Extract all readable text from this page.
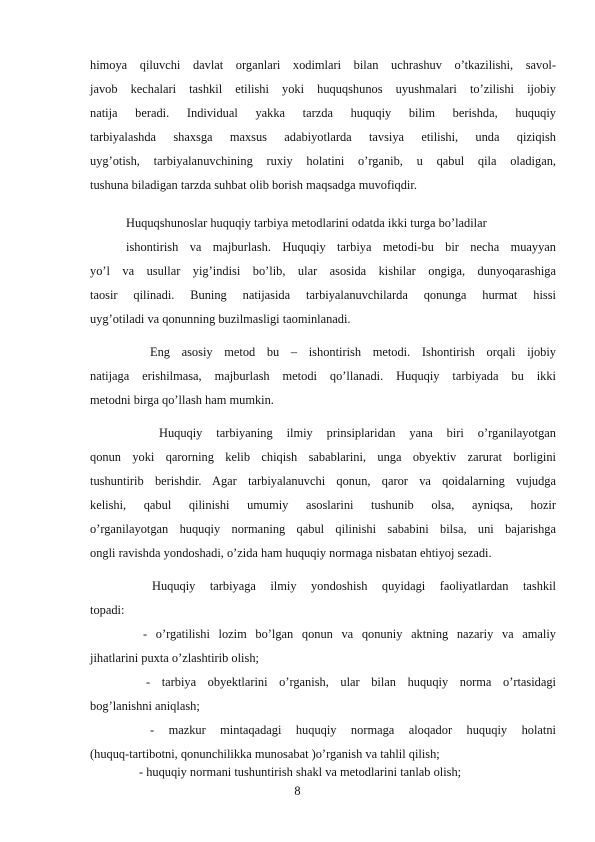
himoya qiluvchi davlat organlari xodimlari bilan uchrashuv o’tkazilishi, savol-
javob kechalari tashkil etilishi yoki huquqshunos uyushmalari to’zilishi ijobiy
natija beradi. Individual yakka tarzda huquqiy bilim berishda, huquqiy
tarbiyalashda shaxsga maxsus adabiyotlarda tavsiya etilishi, unda qiziqish
uyg’otish, tarbiyalanuvchining ruxiy holatini o’rganib, u qabul qila oladigan,
tushuna biladigan tarzda suhbat olib borish maqsadga muvofiqdir.
Huquqshunoslar huquqiy tarbiya metodlarini odatda ikki turga bo’ladilar
ishontirish va majburlash. Huquqiy tarbiya metodi-bu bir necha muayyan
yo’l va usullar yig’indisi bo’lib, ular asosida kishilar ongiga, dunyoqarashiga
taosir qilinadi. Buning natijasida tarbiyalanuvchilarda qonunga hurmat hissi
uyg’otiladi va qonunning buzilmasligi taominlanadi.
Eng asosiy metod bu – ishontirish metodi. Ishontirish orqali ijobiy
natijaga erishilmasa, majburlash metodi qo’llanadi. Huquqiy tarbiyada bu ikki
metodni birga qo’llash ham mumkin.
Huquqiy tarbiyaning ilmiy prinsiplaridan yana biri o’rganilayotgan
qonun yoki qarorning kelib chiqish sabablarini, unga obyektiv zarurat borligini
tushuntirib berishdir. Agar tarbiyalanuvchi qonun, qaror va qoidalarning vujudga
kelishi, qabul qilinishi umumiy asoslarini tushunib olsa, ayniqsa, hozir
o’rganilayotgan huquqiy normaning qabul qilinishi sababini bilsa, uni bajarishga
ongli ravishda yondoshadi, o’zida ham huquqiy normaga nisbatan ehtiyoj sezadi.
Huquqiy tarbiyaga ilmiy yondoshish quyidagi faoliyatlardan tashkil
topadi:
- o’rgatilishi lozim bo’lgan qonun va qonuniy aktning nazariy va amaliy
jihatlarini puxta o’zlashtirib olish;
- tarbiya obyektlarini o’rganish, ular bilan huquqiy norma o’rtasidagi
bog’lanishni aniqlash;
- mazkur mintaqadagi huquqiy normaga aloqador huquqiy holatni
(huquq-tartibotni, qonunchilikka munosabat )o’rganish va tahlil qilish;
- huquqiy normani tushuntirish shakl va metodlarini tanlab olish;
8
